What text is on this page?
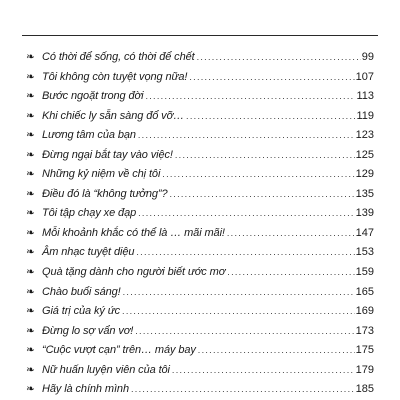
❧ Có thời để sống, có thời để chết .....	99
❧ Tôi không còn tuyệt vọng nữa! .....	107
❧ Bước ngoặt trong đời .....	113
❧ Khi chiếc ly sẵn sàng đổ vỡ… .....	119
❧ Lương tâm của bạn .....	123
❧ Đừng ngại bắt tay vào việc! .....	125
❧ Những kỷ niệm về chị tôi .....	129
❧ Điều đó là “không tưởng”? .....	135
❧ Tôi tập chạy xe đạp .....	139
❧ Mỗi khoảnh khắc có thể là … mãi mãi! .....	147
❧ Âm nhạc tuyệt diệu .....	153
❧ Quà tặng dành cho người biết ước mơ .....	159
❧ Chào buổi sáng! .....	165
❧ Giá trị của ký ức .....	169
❧ Đừng lo sợ vẩn vơ! .....	173
❧ “Cuộc vượt cạn” trên… máy bay .....	175
❧ Nữ huấn luyện viên của tôi .....	179
❧ Hãy là chính mình .....	185
